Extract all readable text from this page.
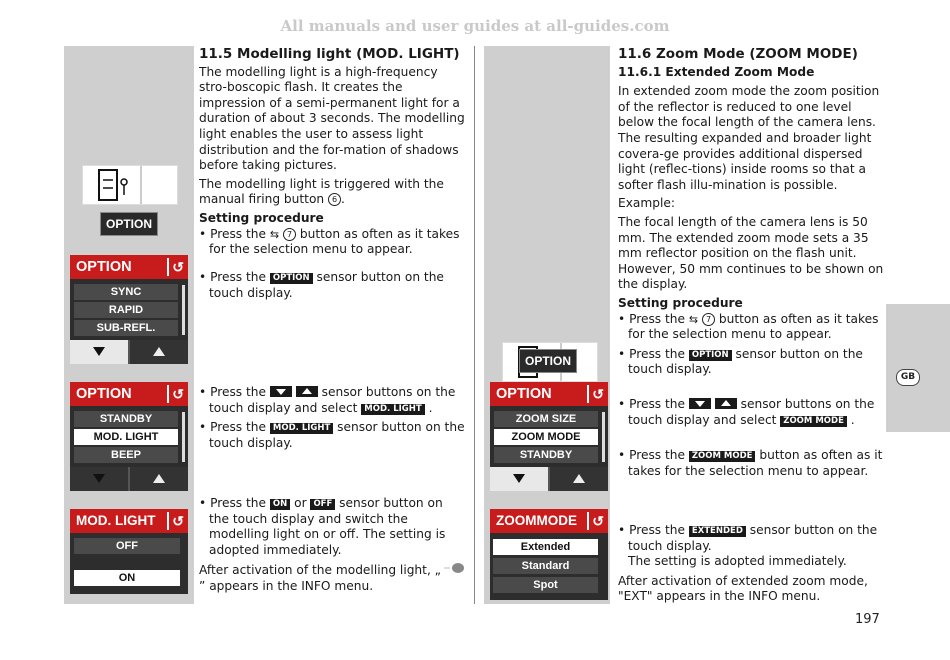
All manuals and user guides at all-guides.com
GB
OPTION
OPTION	↺
SYNC
RAPID
SUB-REFL.
OPTION	↺
STANDBY
MOD. LIGHT
BEEP
MOD. LIGHT	↺
OFF
ON
OPTION
OPTION	↺
ZOOM SIZE
ZOOM MODE
STANDBY
ZOOMMODE	↺
Extended
Standard
Spot

11.5 Modelling light (MOD. LIGHT)

The modelling light is a high-frequency stro-boscopic flash. It creates the impression of a semi-permanent light for a duration of about 3 seconds. The modelling light enables the user to assess light distribution and the for-mation of shadows before taking pictures.

The modelling light is triggered with the manual firing button 6 .

Setting procedure

• Press the ⇆ 7 button as often as it takes for the selection menu to appear.

• Press the OPTION sensor button on the touch display.

• Press the	sensor buttons on the touch display and select MOD. LIGHT .

• Press the MOD. LIGHT sensor button on the touch display.

• Press the ON or OFF sensor button on the touch display and switch the modelling light on or off. The setting is adopted immediately.

After activation of the modelling light, „
” appears in the INFO menu.

11.6 Zoom Mode (ZOOM MODE)

11.6.1 Extended Zoom Mode

In extended zoom mode the zoom position of the reflector is reduced to one level below the focal length of the camera lens. The resulting expanded and broader light covera-ge provides additional dispersed light (reflec-tions) inside rooms so that a softer flash illu-mination is possible.

Example:

The focal length of the camera lens is 50 mm. The extended zoom mode sets a 35 mm reflector position on the flash unit. However, 50 mm continues to be shown on the display.

Setting procedure

• Press the ⇆ 7 button as often as it takes for the selection menu to appear.

• Press the OPTION sensor button on the touch display.

• Press the	sensor buttons on the touch display and select ZOOM MODE .

• Press the ZOOM MODE button as often as it takes for the selection menu to appear.

• Press the EXTENDED sensor button on the touch display.

The setting is adopted immediately.

After activation of extended zoom mode, "EXT" appears in the INFO menu.

197
